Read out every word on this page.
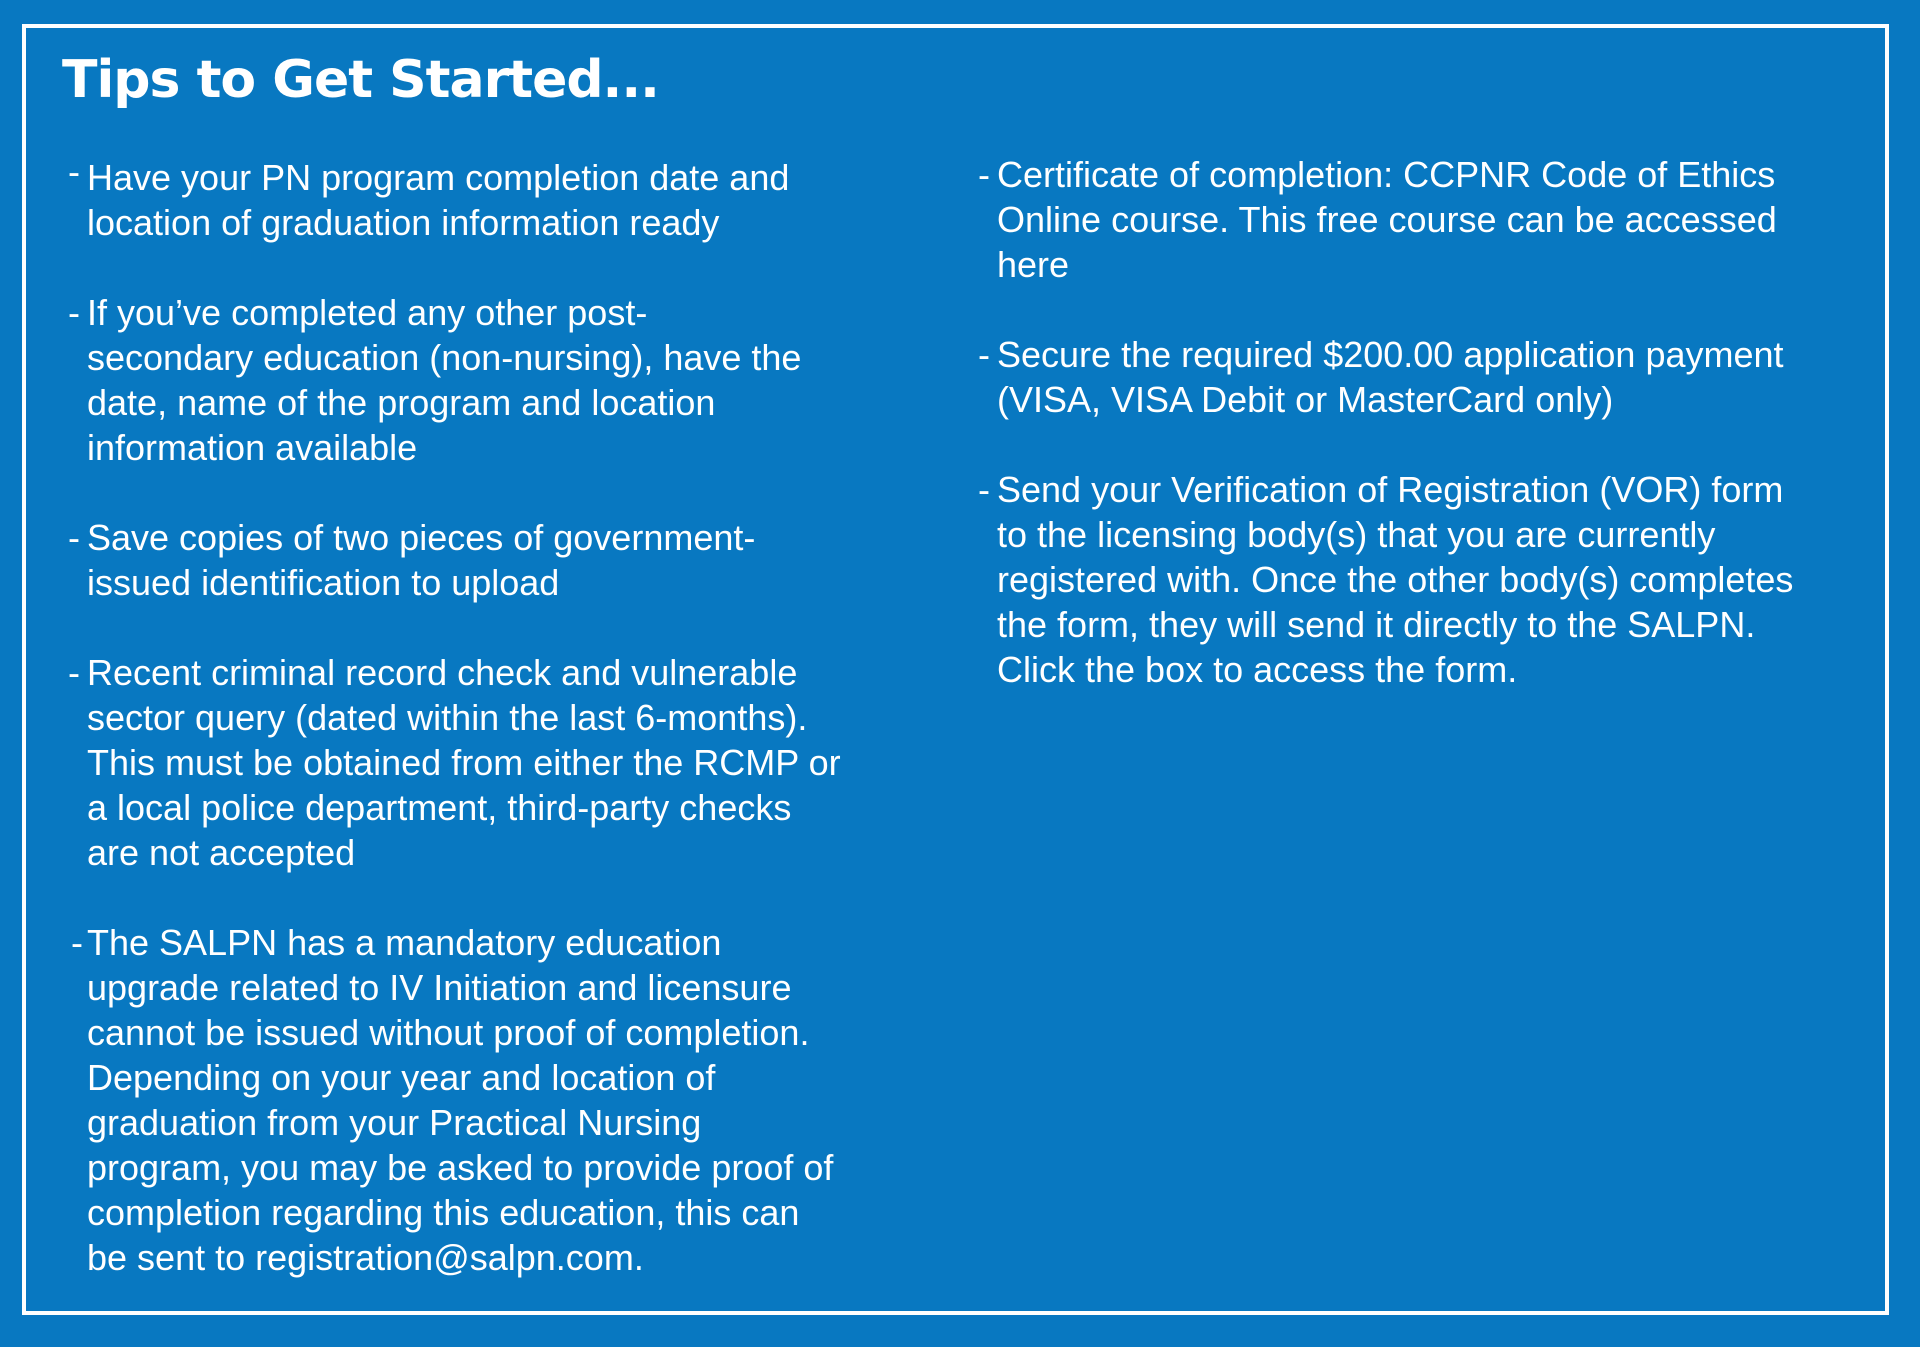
Tips to Get Started...
- Have your PN program completion date and
location of graduation information ready
- If you’ve completed any other post-
secondary education (non-nursing), have the
date, name of the program and location
information available
- Save copies of two pieces of government-
issued identification to upload
- Recent criminal record check and vulnerable
sector query (dated within the last 6-months).
This must be obtained from either the RCMP or
a local police department, third-party checks
are not accepted
- The SALPN has a mandatory education
upgrade related to IV Initiation and licensure
cannot be issued without proof of completion.
Depending on your year and location of
graduation from your Practical Nursing
program, you may be asked to provide proof of
completion regarding this education, this can
be sent to registration@salpn.com.
- Certificate of completion: CCPNR Code of Ethics
Online course. This free course can be accessed
here
- Secure the required $200.00 application payment
(VISA, VISA Debit or MasterCard only)
- Send your Verification of Registration (VOR) form
to the licensing body(s) that you are currently
registered with. Once the other body(s) completes
the form, they will send it directly to the SALPN.
Click the box to access the form.
